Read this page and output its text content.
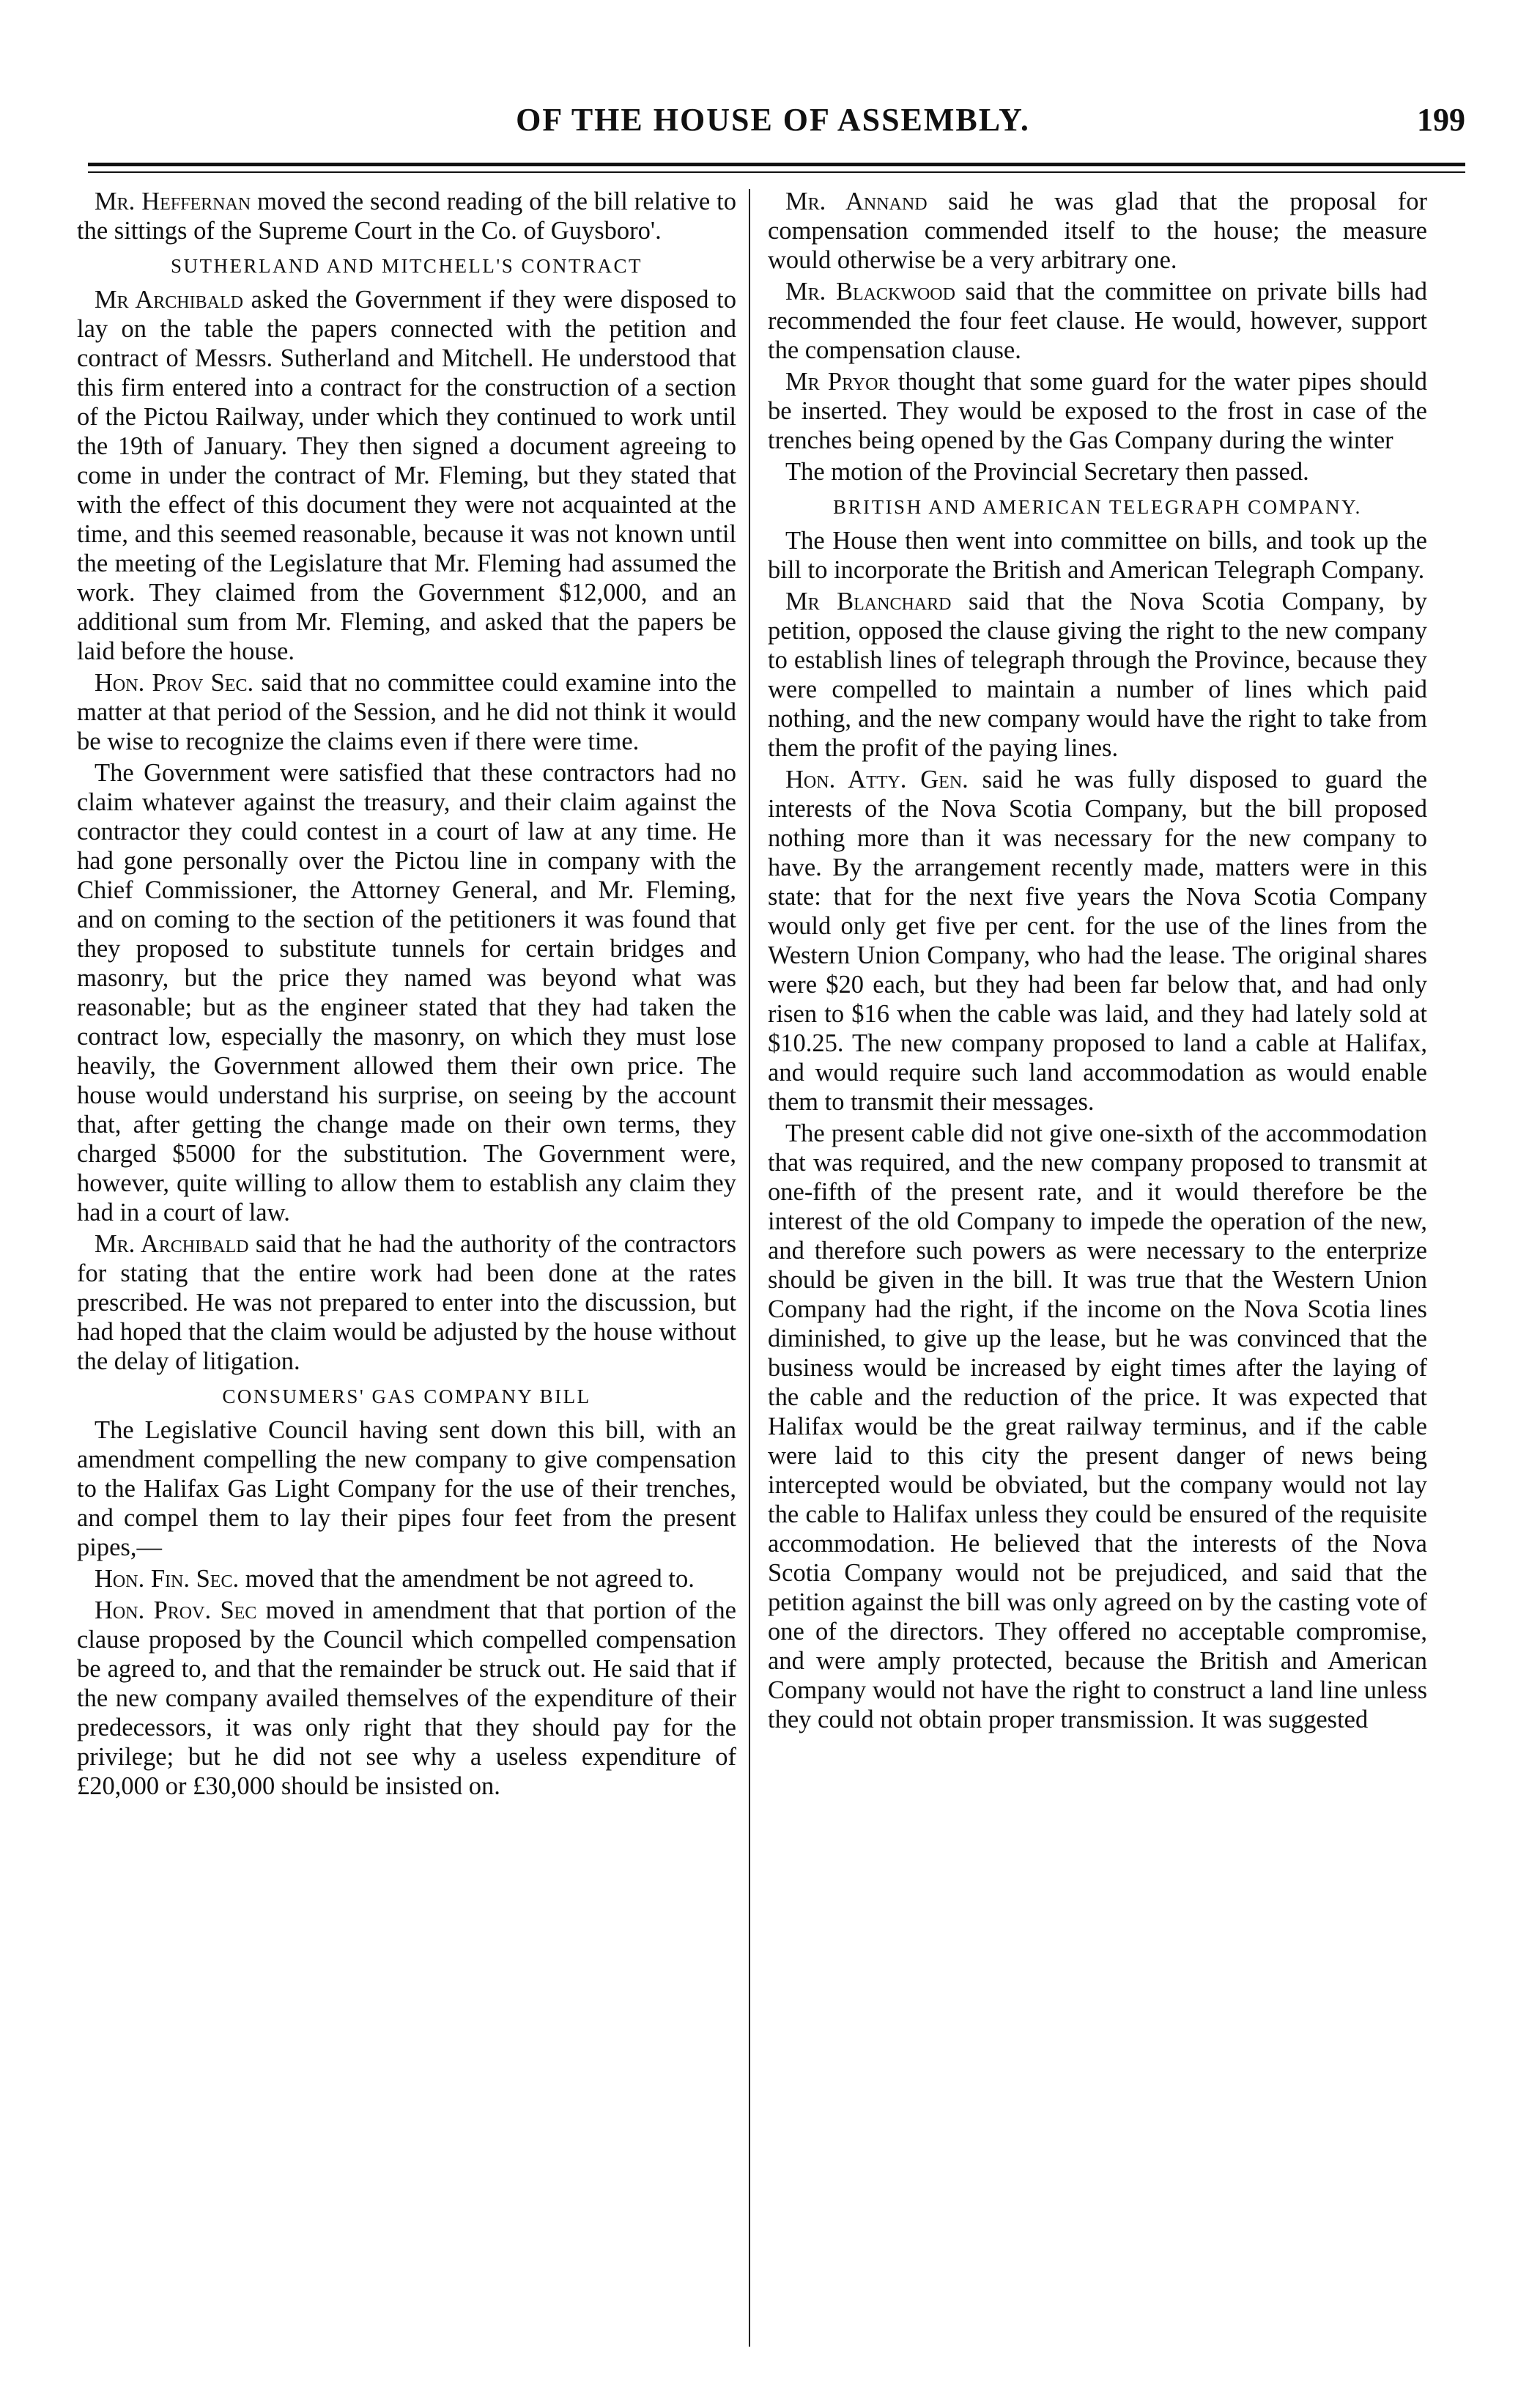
OF THE HOUSE OF ASSEMBLY.	199

Mr. Heffernan moved the second reading of the bill relative to the sittings of the Supreme Court in the Co. of Guysboro'.

SUTHERLAND AND MITCHELL'S CONTRACT

Mr Archibald asked the Government if they were disposed to lay on the table the papers connected with the petition and contract of Messrs. Sutherland and Mitchell. He understood that this firm entered into a contract for the construction of a section of the Pictou Railway, under which they continued to work until the 19th of January. They then signed a document agreeing to come in under the contract of Mr. Fleming, but they stated that with the effect of this document they were not acquainted at the time, and this seemed reasonable, because it was not known until the meeting of the Legislature that Mr. Fleming had assumed the work. They claimed from the Government $12,000, and an additional sum from Mr. Fleming, and asked that the papers be laid before the house.

Hon. Prov Sec. said that no committee could examine into the matter at that period of the Session, and he did not think it would be wise to recognize the claims even if there were time.

The Government were satisfied that these contractors had no claim whatever against the treasury, and their claim against the contractor they could contest in a court of law at any time. He had gone personally over the Pictou line in company with the Chief Commissioner, the Attorney General, and Mr. Fleming, and on coming to the section of the petitioners it was found that they proposed to substitute tunnels for certain bridges and masonry, but the price they named was beyond what was reasonable; but as the engineer stated that they had taken the contract low, especially the masonry, on which they must lose heavily, the Government allowed them their own price. The house would understand his surprise, on seeing by the account that, after getting the change made on their own terms, they charged $5000 for the substitution. The Government were, however, quite willing to allow them to establish any claim they had in a court of law.

Mr. Archibald said that he had the authority of the contractors for stating that the entire work had been done at the rates prescribed. He was not prepared to enter into the discussion, but had hoped that the claim would be adjusted by the house without the delay of litigation.

CONSUMERS' GAS COMPANY BILL

The Legislative Council having sent down this bill, with an amendment compelling the new company to give compensation to the Halifax Gas Light Company for the use of their trenches, and compel them to lay their pipes four feet from the present pipes,—

Hon. Fin. Sec. moved that the amendment be not agreed to.

Hon. Prov. Sec moved in amendment that that portion of the clause proposed by the Council which compelled compensation be agreed to, and that the remainder be struck out. He said that if the new company availed themselves of the expenditure of their predecessors, it was only right that they should pay for the privilege; but he did not see why a useless expenditure of £20,000 or £30,000 should be insisted on.

Mr. Annand said he was glad that the proposal for compensation commended itself to the house; the measure would otherwise be a very arbitrary one.

Mr. Blackwood said that the committee on private bills had recommended the four feet clause. He would, however, support the compensation clause.

Mr Pryor thought that some guard for the water pipes should be inserted. They would be exposed to the frost in case of the trenches being opened by the Gas Company during the winter

The motion of the Provincial Secretary then passed.

BRITISH AND AMERICAN TELEGRAPH COMPANY.

The House then went into committee on bills, and took up the bill to incorporate the British and American Telegraph Company.

Mr Blanchard said that the Nova Scotia Company, by petition, opposed the clause giving the right to the new company to establish lines of telegraph through the Province, because they were compelled to maintain a number of lines which paid nothing, and the new company would have the right to take from them the profit of the paying lines.

Hon. Atty. Gen. said he was fully disposed to guard the interests of the Nova Scotia Company, but the bill proposed nothing more than it was necessary for the new company to have. By the arrangement recently made, matters were in this state: that for the next five years the Nova Scotia Company would only get five per cent. for the use of the lines from the Western Union Company, who had the lease. The original shares were $20 each, but they had been far below that, and had only risen to $16 when the cable was laid, and they had lately sold at $10.25. The new company proposed to land a cable at Halifax, and would require such land accommodation as would enable them to transmit their messages.

The present cable did not give one-sixth of the accommodation that was required, and the new company proposed to transmit at one-fifth of the present rate, and it would therefore be the interest of the old Company to impede the operation of the new, and therefore such powers as were necessary to the enterprize should be given in the bill. It was true that the Western Union Company had the right, if the income on the Nova Scotia lines diminished, to give up the lease, but he was convinced that the business would be increased by eight times after the laying of the cable and the reduction of the price. It was expected that Halifax would be the great railway terminus, and if the cable were laid to this city the present danger of news being intercepted would be obviated, but the company would not lay the cable to Halifax unless they could be ensured of the requisite accommodation. He believed that the interests of the Nova Scotia Company would not be prejudiced, and said that the petition against the bill was only agreed on by the casting vote of one of the directors. They offered no acceptable compromise, and were amply protected, because the British and American Company would not have the right to construct a land line unless they could not obtain proper transmission. It was suggested
